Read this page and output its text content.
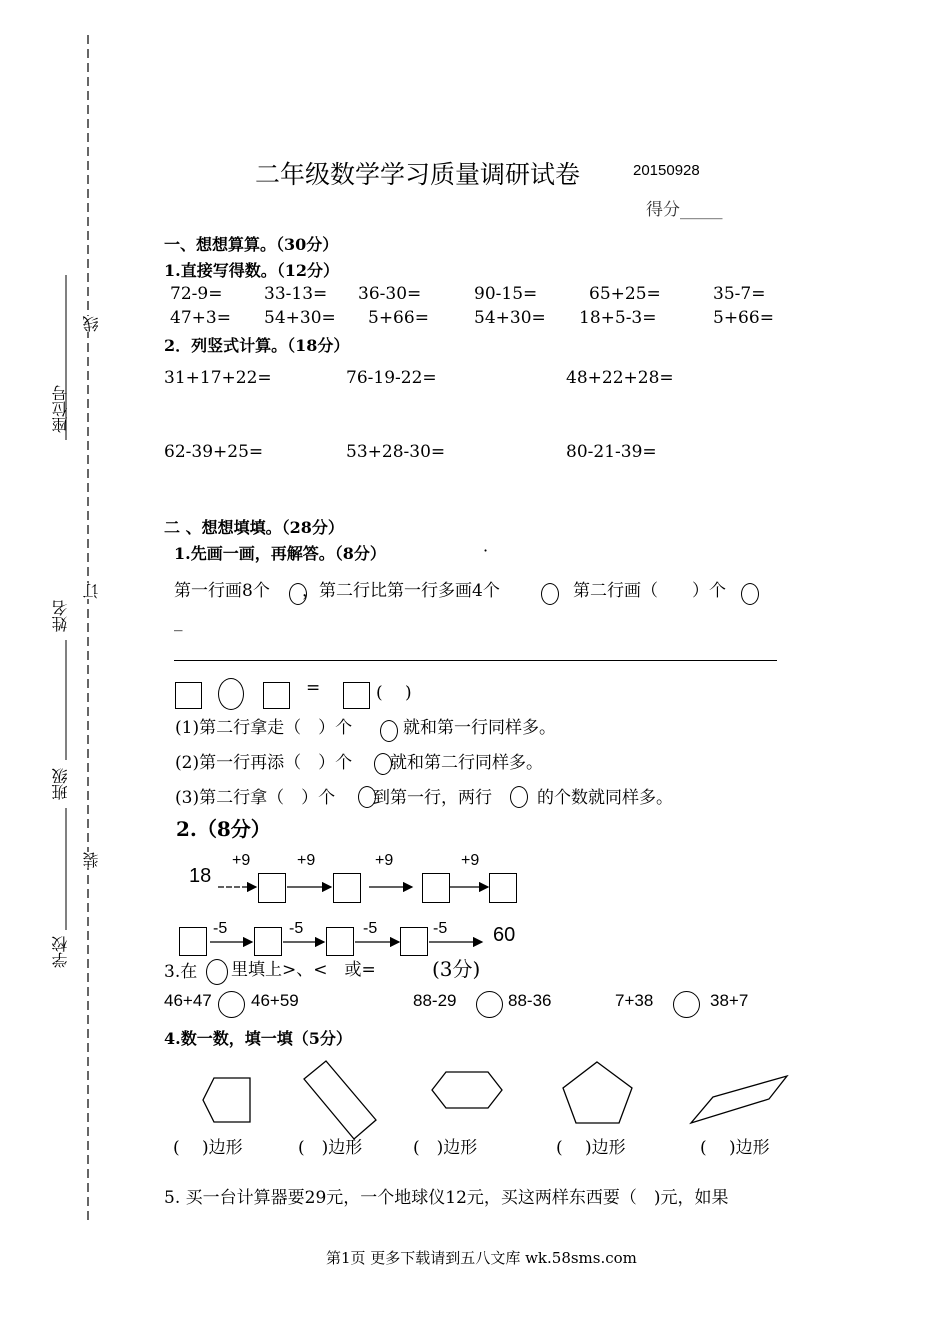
座位号
姓名
班级
学校
线
订
装
二年级数学学习质量调研试卷	20150928
得分_____
一、想想算算。（30分）
1.直接写得数。（12分）
72-9= 33-13= 36-30=	90-15=	65+25=	35-7=
47+3= 54+30= 5+66=	54+30= 18+5-3=	5+66=
2．列竖式计算。（18分）
31+17+22=	76-19-22=	48+22+28=
62-39+25=	53+28-30=	80-21-39=
二 、想想填填。（28分）
1.先画一画，再解答。（8分）	·
第一行画8个 ，第二行比第一行多画4个	第二行画（　　）个
_
=	(　 )
(1)第二行拿走（　）个	就和第一行同样多。
(2)第一行再添（　）个 就和第二行同样多。
(3)第二行拿（　）个 到第一行，两行	的个数就同样多。
2.（8分）
18
+9	+9	+9	+9
-5	-5	-5	-5 60
3.在 里填上>、<　或=	(3分)
46+47 46+59	88-29	88-36	7+38	38+7
4.数一数，填一填（5分）
(　 )边形	(　)边形	(　)边形	(　 )边形	(　 )边形
5. 买一台计算器要29元，一个地球仪12元，买这两样东西要（　)元，如果
第1页 更多下载请到五八文库 wk.58sms.com
